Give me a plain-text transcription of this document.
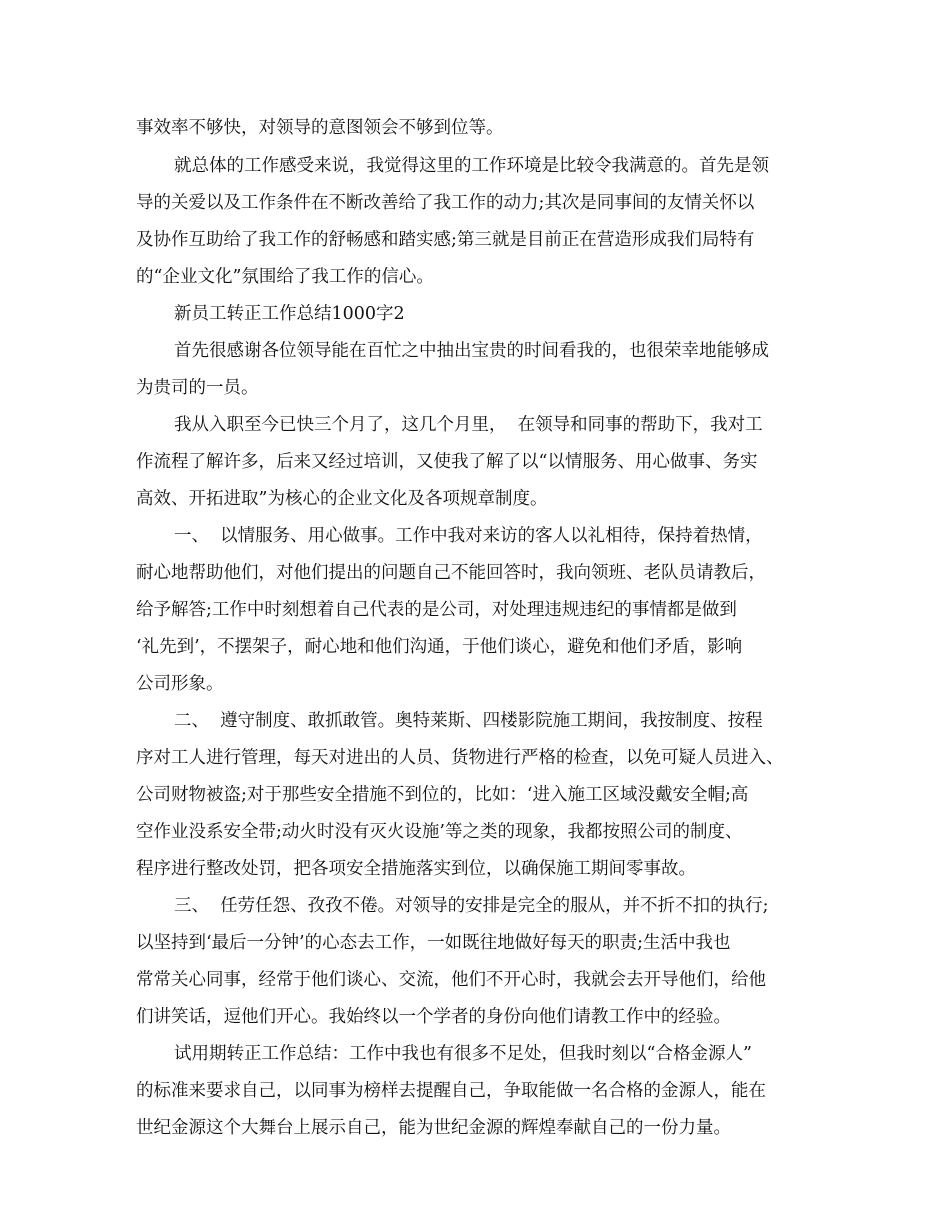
事效率不够快，对领导的意图领会不够到位等。
就总体的工作感受来说，我觉得这里的工作环境是比较令我满意的。首先是领
导的关爱以及工作条件在不断改善给了我工作的动力;其次是同事间的友情关怀以
及协作互助给了我工作的舒畅感和踏实感;第三就是目前正在营造形成我们局特有
的“企业文化”氛围给了我工作的信心。
新员工转正工作总结1000字2
首先很感谢各位领导能在百忙之中抽出宝贵的时间看我的，也很荣幸地能够成
为贵司的一员。
我从入职至今已快三个月了，这几个月里，  在领导和同事的帮助下，我对工
作流程了解许多，后来又经过培训，又使我了解了以“以情服务、用心做事、务实
高效、开拓进取”为核心的企业文化及各项规章制度。
一、  以情服务、用心做事。工作中我对来访的客人以礼相待，保持着热情，
耐心地帮助他们，对他们提出的问题自己不能回答时，我向领班、老队员请教后，
给予解答;工作中时刻想着自己代表的是公司，对处理违规违纪的事情都是做到
‘礼先到’，不摆架子，耐心地和他们沟通，于他们谈心，避免和他们矛盾，影响
公司形象。
二、  遵守制度、敢抓敢管。奥特莱斯、四楼影院施工期间，我按制度、按程
序对工人进行管理，每天对进出的人员、货物进行严格的检查，以免可疑人员进入、
公司财物被盗;对于那些安全措施不到位的，比如：‘进入施工区域没戴安全帽;高
空作业没系安全带;动火时没有灭火设施’等之类的现象，我都按照公司的制度、
程序进行整改处罚，把各项安全措施落实到位，以确保施工期间零事故。
三、  任劳任怨、孜孜不倦。对领导的安排是完全的服从，并不折不扣的执行;
以坚持到‘最后一分钟’的心态去工作，一如既往地做好每天的职责;生活中我也
常常关心同事，经常于他们谈心、交流，他们不开心时，我就会去开导他们，给他
们讲笑话，逗他们开心。我始终以一个学者的身份向他们请教工作中的经验。
试用期转正工作总结：工作中我也有很多不足处，但我时刻以“合格金源人”
的标准来要求自己，以同事为榜样去提醒自己，争取能做一名合格的金源人，能在
世纪金源这个大舞台上展示自己，能为世纪金源的辉煌奉献自己的一份力量。
